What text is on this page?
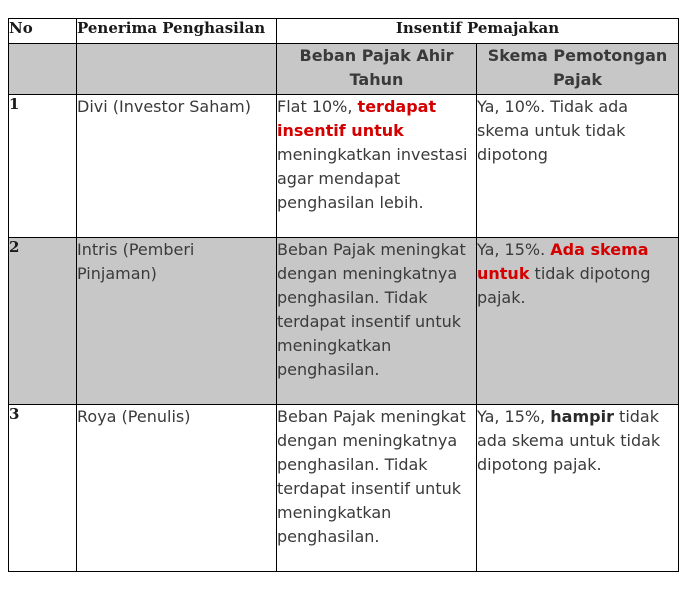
No	Penerima Penghasilan	Insentif Pemajakan	
		Beban Pajak Ahir Tahun	Skema Pemotongan Pajak
1	Divi (Investor Saham)	Flat 10%, terdapat insentif untuk meningkatkan investasi agar mendapat penghasilan lebih.	Ya, 10%. Tidak ada skema untuk tidak dipotong
2	Intris (Pemberi Pinjaman)	Beban Pajak meningkat dengan meningkatnya penghasilan. Tidak terdapat insentif untuk meningkatkan penghasilan.	Ya, 15%. Ada skema untuk tidak dipotong pajak.
3	Roya (Penulis)	Beban Pajak meningkat dengan meningkatnya penghasilan. Tidak terdapat insentif untuk meningkatkan penghasilan.	Ya, 15%, hampir tidak ada skema untuk tidak dipotong pajak.
